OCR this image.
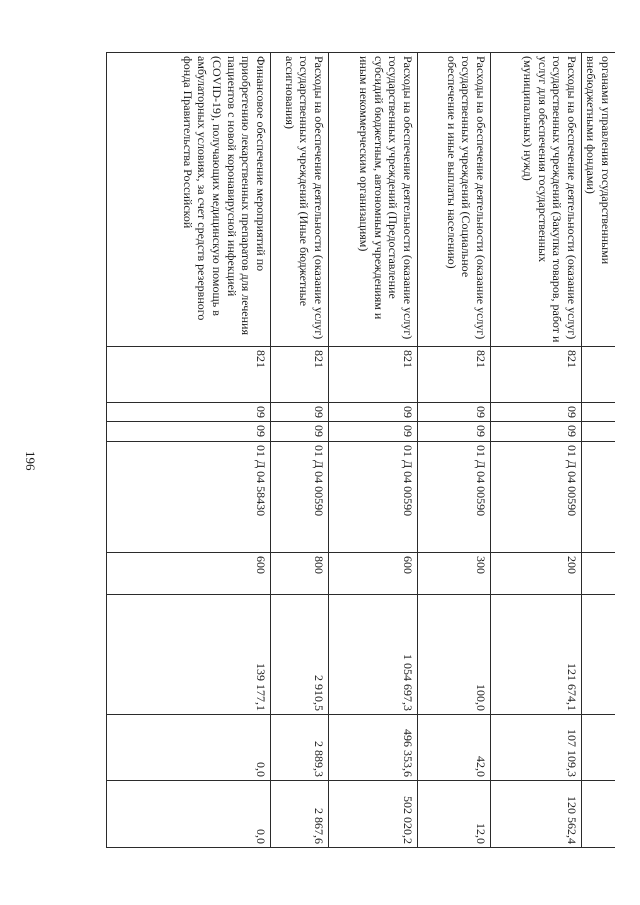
196
органами управления государственными внебюджетными фондами)								
Расходы на обеспечение деятельности (оказание услуг) государственных учреждений (Закупка товаров, работ и услуг для обеспечения государственных (муниципальных) нужд)	821	09	09	01 Д 04 00590	200	121 674,1	107 109,3	120 562,4
Расходы на обеспечение деятельности (оказание услуг) государственных учреждений (Социальное обеспечение и иные выплаты населению)	821	09	09	01 Д 04 00590	300	100,0	42,0	12,0
Расходы на обеспечение деятельности (оказание услуг) государственных учреждений (Предоставление субсидий бюджетным, автономным учреждениям и иным некоммерческим организациям)	821	09	09	01 Д 04 00590	600	1 054 697,3	496 353,6	502 020,2
Расходы на обеспечение деятельности (оказание услуг) государственных учреждений (Иные бюджетные ассигнования)	821	09	09	01 Д 04 00590	800	2 910,5	2 889,3	2 867,6
Финансовое обеспечение мероприятий по приобретению лекарственных препаратов для лечения пациентов с новой коронавирусной инфекцией (COVID-19), получающих медицинскую помощь в амбулаторных условиях, за счет средств резервного фонда Правительства Российской	821	09	09	01 Д 04 58430	600	139 177,1	0,0	0,0
